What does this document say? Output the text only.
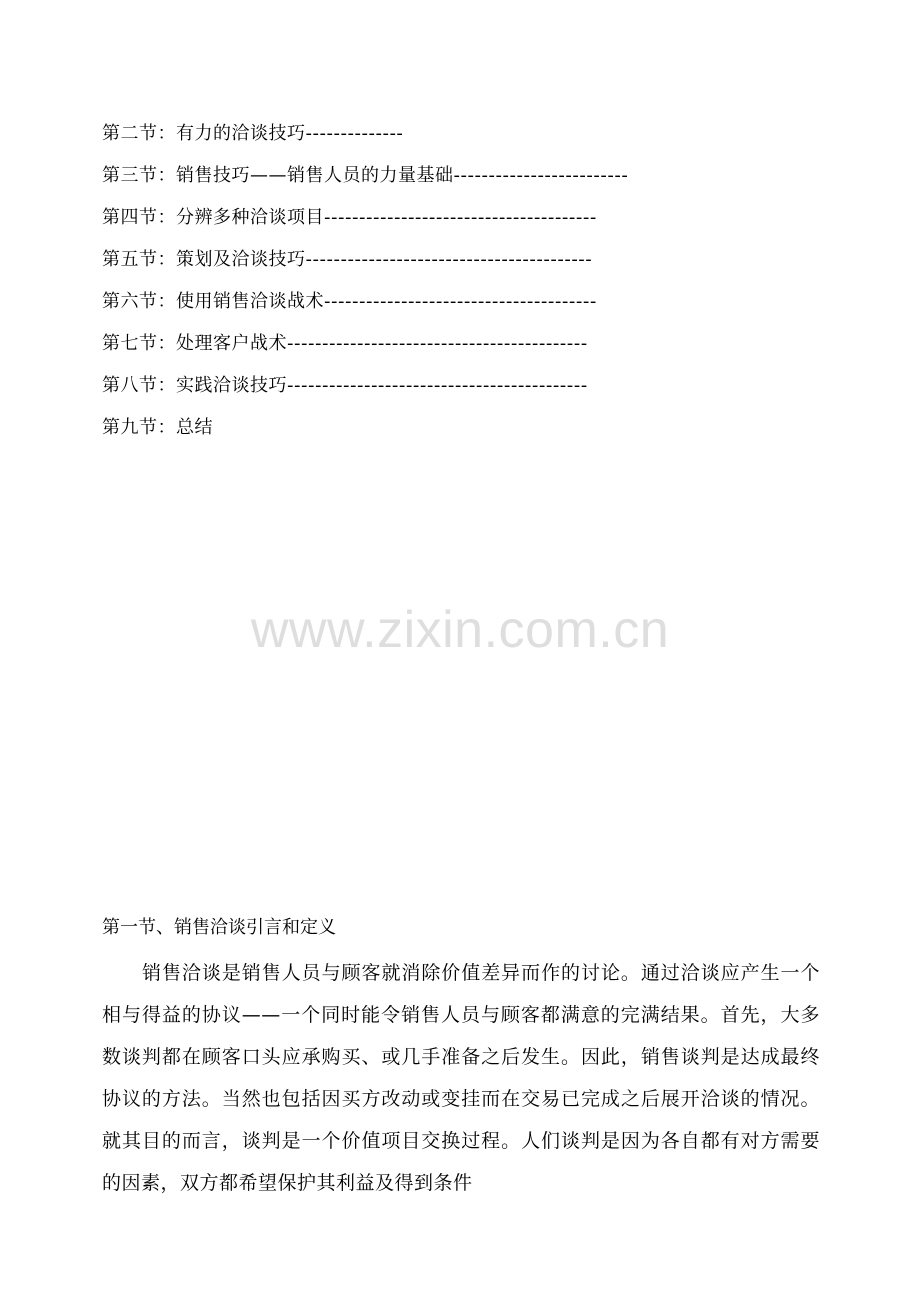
第二节：有力的洽谈技巧--------------
第三节：销售技巧——销售人员的力量基础-------------------------
第四节：分辨多种洽谈项目---------------------------------------
第五节：策划及洽谈技巧-----------------------------------------
第六节：使用销售洽谈战术---------------------------------------
第七节：处理客户战术-------------------------------------------
第八节：实践洽谈技巧-------------------------------------------
第九节：总结
www.zixin.com.cn
第一节、销售洽谈引言和定义
销售洽谈是销售人员与顾客就消除价值差异而作的讨论。通过洽谈应产生一个相与得益的协议——一个同时能令销售人员与顾客都满意的完满结果。首先，大多数谈判都在顾客口头应承购买、或几手准备之后发生。因此，销售谈判是达成最终协议的方法。当然也包括因买方改动或变挂而在交易已完成之后展开洽谈的情况。就其目的而言，谈判是一个价值项目交换过程。人们谈判是因为各自都有对方需要的因素，双方都希望保护其利益及得到条件
